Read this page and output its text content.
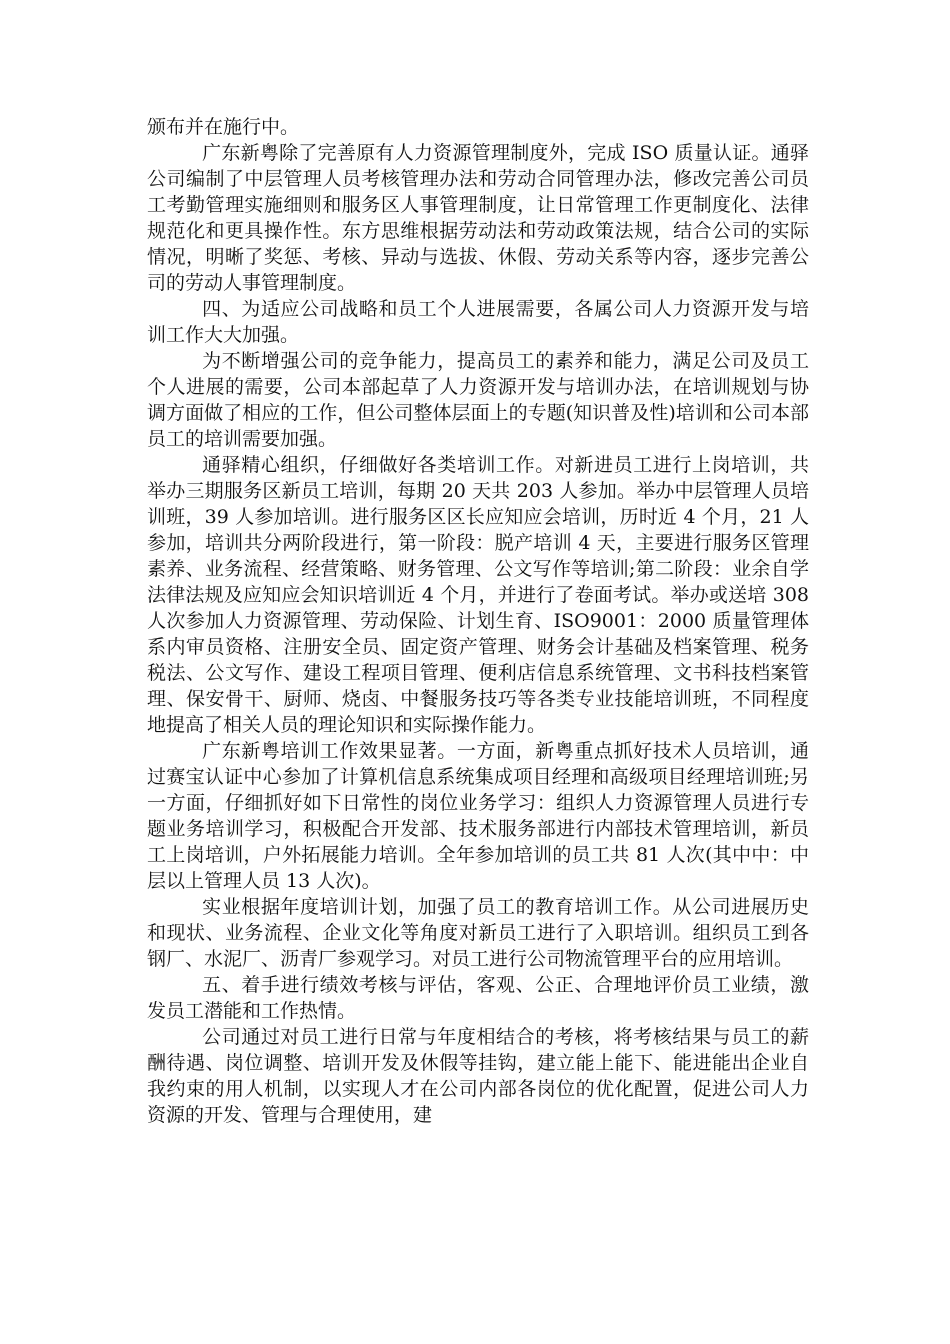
颁布并在施行中。

广东新粤除了完善原有人力资源管理制度外，完成 ISO 质量认证。通驿公司编制了中层管理人员考核管理办法和劳动合同管理办法，修改完善公司员工考勤管理实施细则和服务区人事管理制度，让日常管理工作更制度化、法律规范化和更具操作性。东方思维根据劳动法和劳动政策法规，结合公司的实际情况，明晰了奖惩、考核、异动与选拔、休假、劳动关系等内容，逐步完善公司的劳动人事管理制度。

四、为适应公司战略和员工个人进展需要，各属公司人力资源开发与培训工作大大加强。

为不断增强公司的竞争能力，提高员工的素养和能力，满足公司及员工个人进展的需要，公司本部起草了人力资源开发与培训办法，在培训规划与协调方面做了相应的工作，但公司整体层面上的专题(知识普及性)培训和公司本部员工的培训需要加强。

通驿精心组织，仔细做好各类培训工作。对新进员工进行上岗培训，共举办三期服务区新员工培训，每期 20 天共 203 人参加。举办中层管理人员培训班，39 人参加培训。进行服务区区长应知应会培训，历时近 4 个月，21 人参加，培训共分两阶段进行，第一阶段：脱产培训 4 天，主要进行服务区管理素养、业务流程、经营策略、财务管理、公文写作等培训;第二阶段：业余自学法律法规及应知应会知识培训近 4 个月，并进行了卷面考试。举办或送培 308 人次参加人力资源管理、劳动保险、计划生育、ISO9001：2000 质量管理体系内审员资格、注册安全员、固定资产管理、财务会计基础及档案管理、税务税法、公文写作、建设工程项目管理、便利店信息系统管理、文书科技档案管理、保安骨干、厨师、烧卤、中餐服务技巧等各类专业技能培训班，不同程度地提高了相关人员的理论知识和实际操作能力。

广东新粤培训工作效果显著。一方面，新粤重点抓好技术人员培训，通过赛宝认证中心参加了计算机信息系统集成项目经理和高级项目经理培训班;另一方面，仔细抓好如下日常性的岗位业务学习：组织人力资源管理人员进行专题业务培训学习，积极配合开发部、技术服务部进行内部技术管理培训，新员工上岗培训，户外拓展能力培训。全年参加培训的员工共 81 人次(其中中：中层以上管理人员 13 人次)。

实业根据年度培训计划，加强了员工的教育培训工作。从公司进展历史和现状、业务流程、企业文化等角度对新员工进行了入职培训。组织员工到各钢厂、水泥厂、沥青厂参观学习。对员工进行公司物流管理平台的应用培训。

五、着手进行绩效考核与评估，客观、公正、合理地评价员工业绩，激发员工潜能和工作热情。

公司通过对员工进行日常与年度相结合的考核，将考核结果与员工的薪酬待遇、岗位调整、培训开发及休假等挂钩，建立能上能下、能进能出企业自我约束的用人机制，以实现人才在公司内部各岗位的优化配置，促进公司人力资源的开发、管理与合理使用，建
